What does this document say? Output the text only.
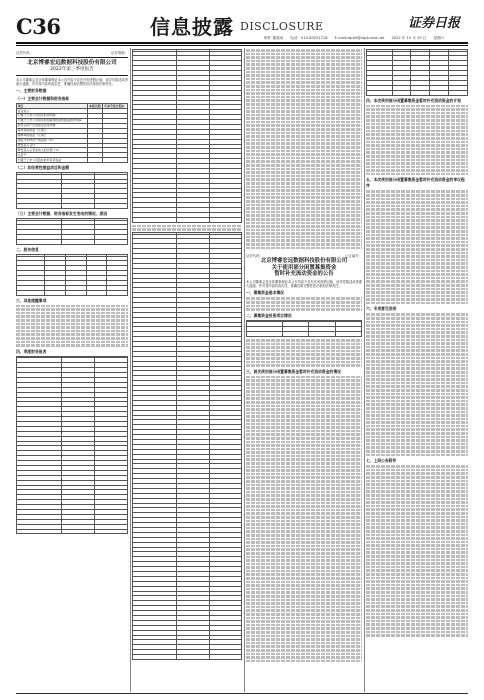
C36	信息披露 DISCLOSURE	证券日报
制作 董春雨 电话：010-83251716 E-mail:zqrb9@zqrb.sina.net 2022 年 10 月 29 日 星期六
证券代码：	证券简称：
北京博睿宏远数据科技股份有限公司
2022年第三季度报告

本公司董事会及全体董事保证本公告内容不存在任何虚假记载、误导性陈述或者重大遗漏，并对其内容的真实性、准确性和完整性依法承担法律责任。

一、主要财务数据
（一）主要会计数据和财务指标
项目	本报告期	年初至报告期末
营业收入		
归属于上市公司股东的净利润		
归属于上市公司股东的扣除非经常性损益的净利润		
经营活动产生的现金流量净额		
基本每股收益（元/股）		
稀释每股收益（元/股）		
加权平均净资产收益率（%）		
研发投入合计		
研发投入占营业收入的比例（%）		
总资产		
归属于上市公司股东的所有者权益		
（二）非经常性损益项目和金额

（三）主要会计数据、财务指标发生变动的情况、原因

二、股东信息

三、其他提醒事项
四、季度财务报表

证券代码：	公告编号：
北京博睿宏远数据科技股份有限公司
关于使用部分闲置募集资金
暂时补充流动资金的公告

本公司董事会及全体董事保证本公告内容不存在任何虚假记载、误导性陈述或者重大遗漏，并对其内容的真实性、准确性和完整性依法承担法律责任。

一、募集资金基本情况
二、募集资金投资项目情况

三、前次使用部分闲置募集资金暂时补充流动资金的情况

四、本次使用部分闲置募集资金暂时补充流动资金的计划
五、本次使用部分闲置募集资金暂时补充流动资金的审议程序
六、专项意见说明
七、上网公告附件
